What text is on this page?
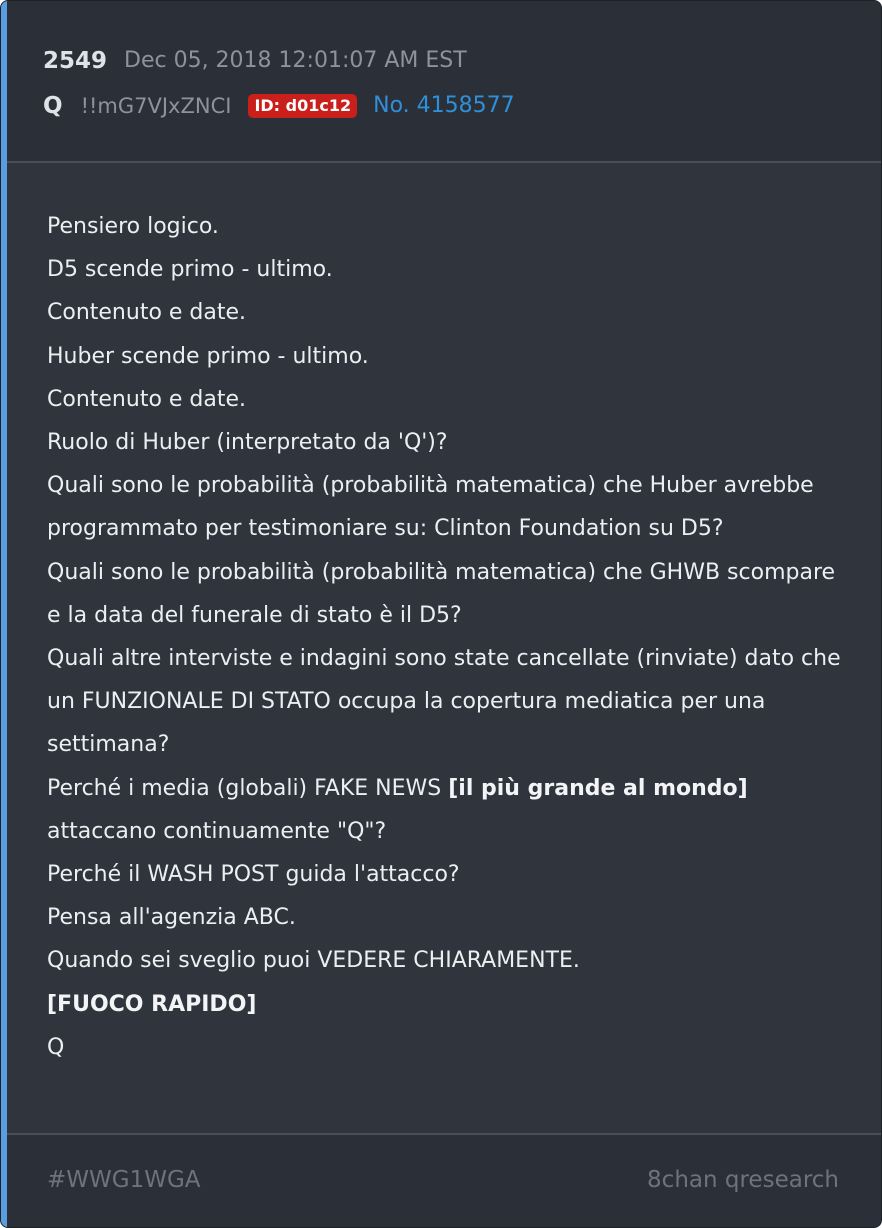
2549 Dec 05, 2018 12:01:07 AM EST
Q !!mG7VJxZNCI	ID: d01c12 No. 4158577
Pensiero logico.
D5 scende primo - ultimo.
Contenuto e date.
Huber scende primo - ultimo.
Contenuto e date.
Ruolo di Huber (interpretato da 'Q')?
Quali sono le probabilità (probabilità matematica) che Huber avrebbe programmato per testimoniare su: Clinton Foundation su D5?
Quali sono le probabilità (probabilità matematica) che GHWB scompare e la data del funerale di stato è il D5?
Quali altre interviste e indagini sono state cancellate (rinviate) dato che un FUNZIONALE DI STATO occupa la copertura mediatica per una settimana?
Perché i media (globali) FAKE NEWS [il più grande al mondo]
attaccano continuamente "Q"?
Perché il WASH POST guida l'attacco?
Pensa all'agenzia ABC.
Quando sei sveglio puoi VEDERE CHIARAMENTE.
[FUOCO RAPIDO]
Q
#WWG1WGA	8chan qresearch
